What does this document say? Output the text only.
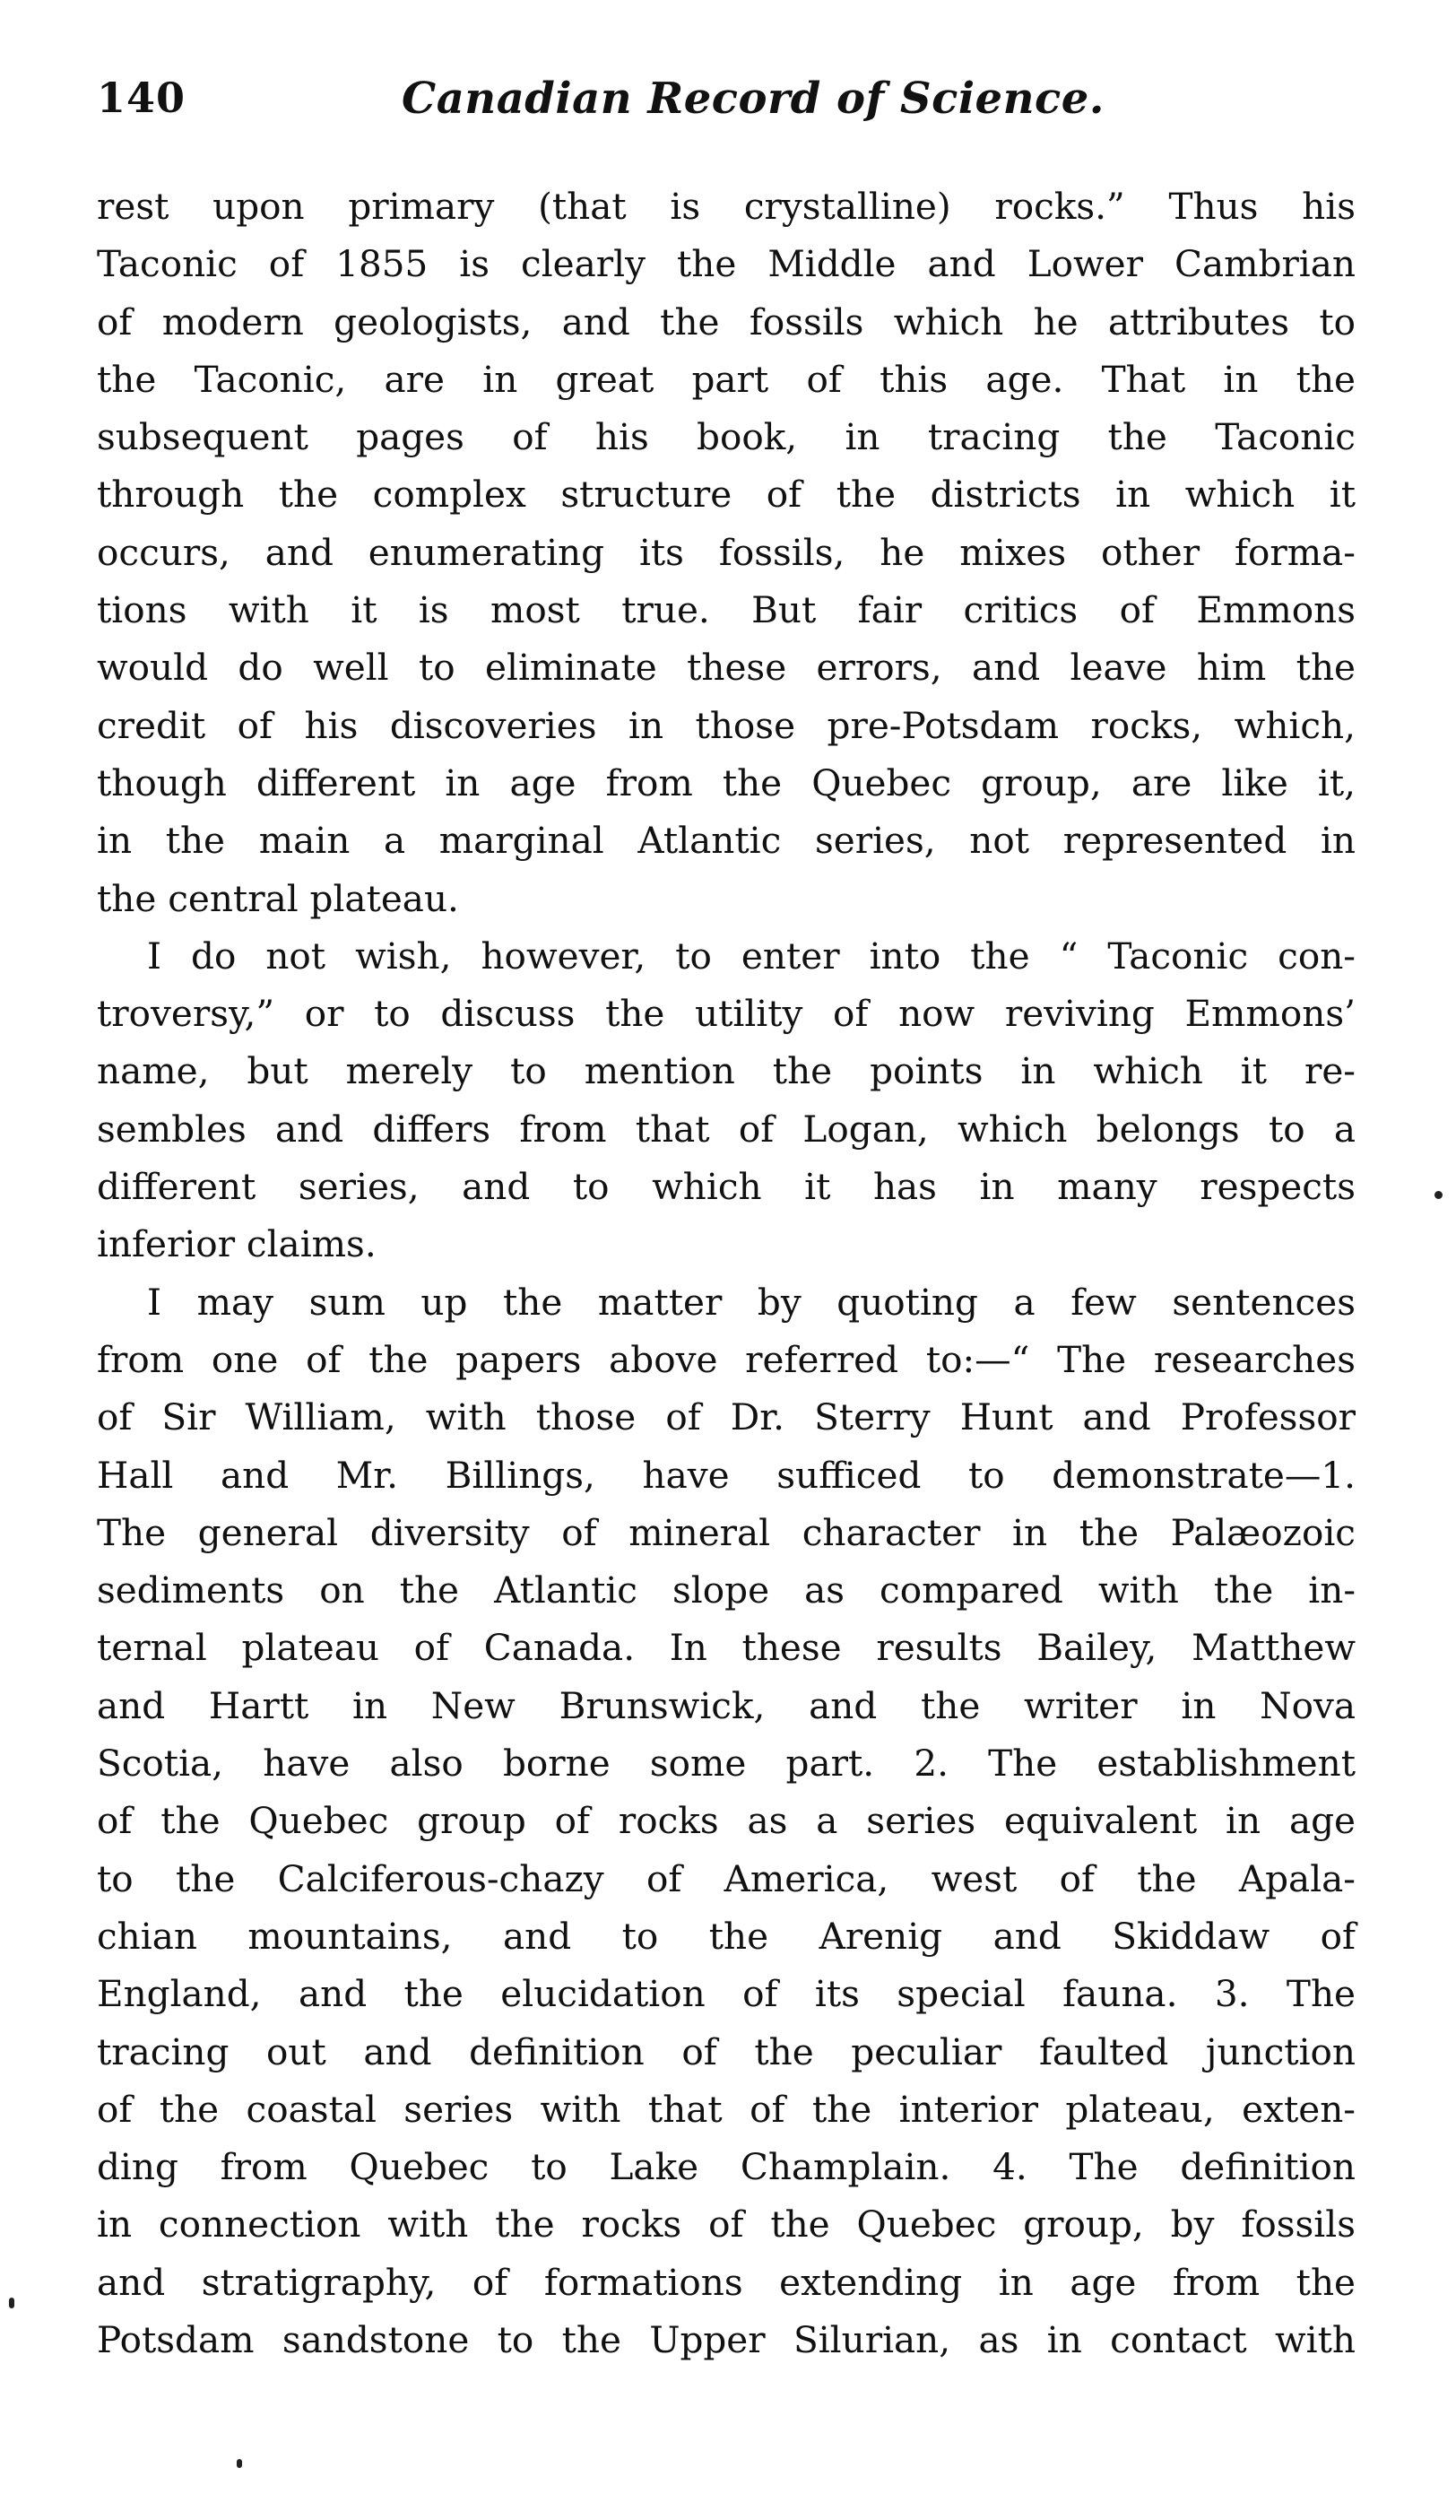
140	Canadian Record of Science.
rest upon primary (that is crystalline) rocks.” Thus his
Taconic of 1855 is clearly the Middle and Lower Cambrian
of modern geologists, and the fossils which he attributes to
the Taconic, are in great part of this age. That in the
subsequent pages of his book, in tracing the Taconic
through the complex structure of the districts in which it
occurs, and enumerating its fossils, he mixes other forma-
tions with it is most true. But fair critics of Emmons
would do well to eliminate these errors, and leave him the
credit of his discoveries in those pre-Potsdam rocks, which,
though different in age from the Quebec group, are like it,
in the main a marginal Atlantic series, not represented in
the central plateau.
I do not wish, however, to enter into the “ Taconic con-
troversy,” or to discuss the utility of now reviving Emmons’
name, but merely to mention the points in which it re-
sembles and differs from that of Logan, which belongs to a
different series, and to which it has in many respects
inferior claims.
I may sum up the matter by quoting a few sentences
from one of the papers above referred to:—“ The researches
of Sir William, with those of Dr. Sterry Hunt and Professor
Hall and Mr. Billings, have sufficed to demonstrate—1.
The general diversity of mineral character in the Palæozoic
sediments on the Atlantic slope as compared with the in-
ternal plateau of Canada. In these results Bailey, Matthew
and Hartt in New Brunswick, and the writer in Nova
Scotia, have also borne some part. 2. The establishment
of the Quebec group of rocks as a series equivalent in age
to the Calciferous-chazy of America, west of the Apala-
chian mountains, and to the Arenig and Skiddaw of
England, and the elucidation of its special fauna. 3. The
tracing out and definition of the peculiar faulted junction
of the coastal series with that of the interior plateau, exten-
ding from Quebec to Lake Champlain. 4. The definition
in connection with the rocks of the Quebec group, by fossils
and stratigraphy, of formations extending in age from the
Potsdam sandstone to the Upper Silurian, as in contact with
